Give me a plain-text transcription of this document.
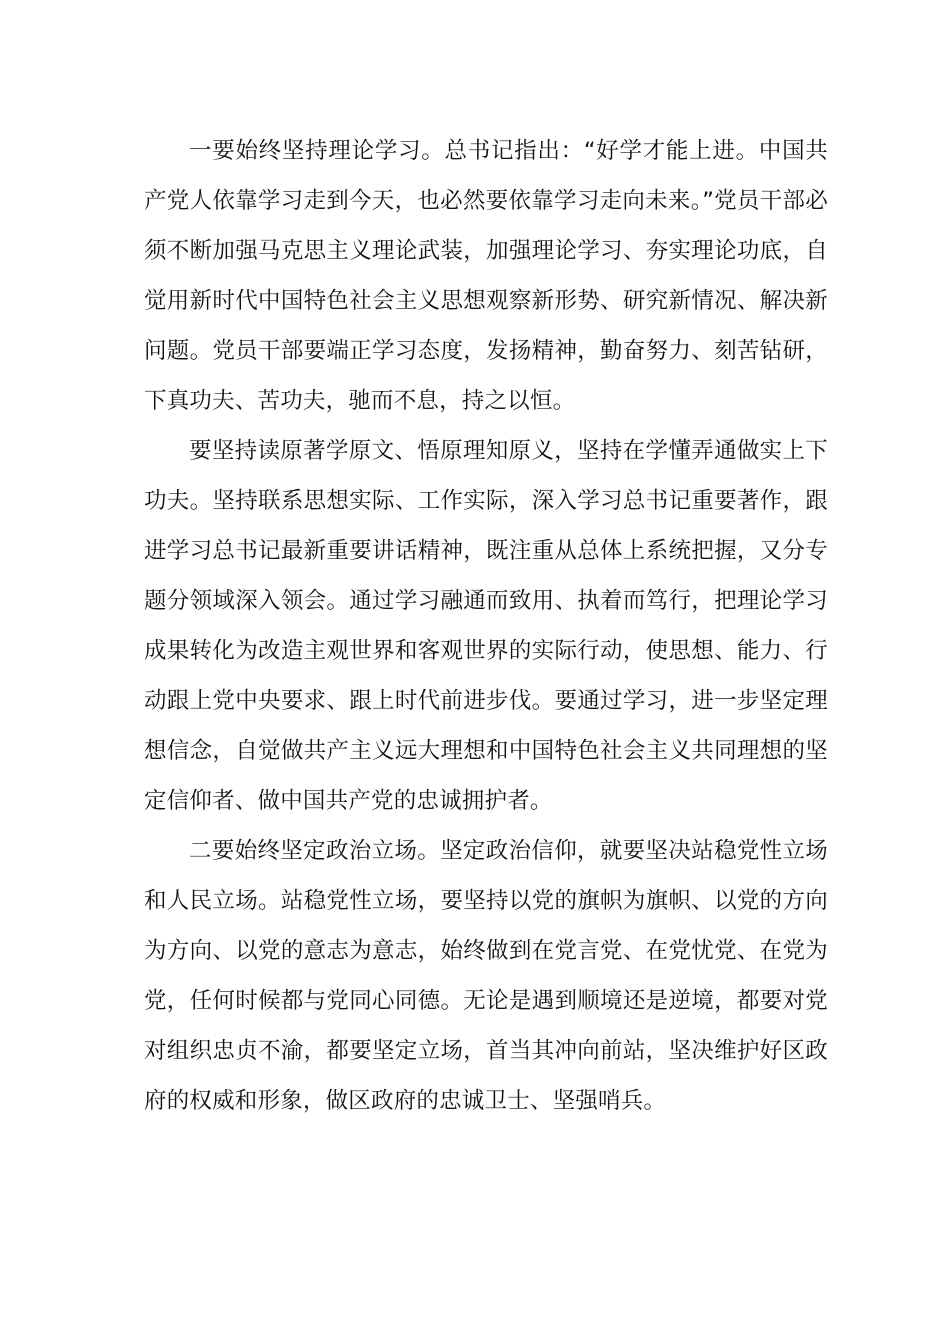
一要始终坚持理论学习。总书记指出：“好学才能上进。中国共产党人依靠学习走到今天，也必然要依靠学习走向未来。”党员干部必须不断加强马克思主义理论武装，加强理论学习、夯实理论功底，自觉用新时代中国特色社会主义思想观察新形势、研究新情况、解决新问题。党员干部要端正学习态度，发扬精神，勤奋努力、刻苦钻研，下真功夫、苦功夫，驰而不息，持之以恒。

要坚持读原著学原文、悟原理知原义，坚持在学懂弄通做实上下功夫。坚持联系思想实际、工作实际，深入学习总书记重要著作，跟进学习总书记最新重要讲话精神，既注重从总体上系统把握，又分专题分领域深入领会。通过学习融通而致用、执着而笃行，把理论学习成果转化为改造主观世界和客观世界的实际行动，使思想、能力、行动跟上党中央要求、跟上时代前进步伐。要通过学习，进一步坚定理想信念，自觉做共产主义远大理想和中国特色社会主义共同理想的坚定信仰者、做中国共产党的忠诚拥护者。

二要始终坚定政治立场。坚定政治信仰，就要坚决站稳党性立场和人民立场。站稳党性立场，要坚持以党的旗帜为旗帜、以党的方向为方向、以党的意志为意志，始终做到在党言党、在党忧党、在党为党，任何时候都与党同心同德。无论是遇到顺境还是逆境，都要对党对组织忠贞不渝，都要坚定立场，首当其冲向前站，坚决维护好区政府的权威和形象，做区政府的忠诚卫士、坚强哨兵。
